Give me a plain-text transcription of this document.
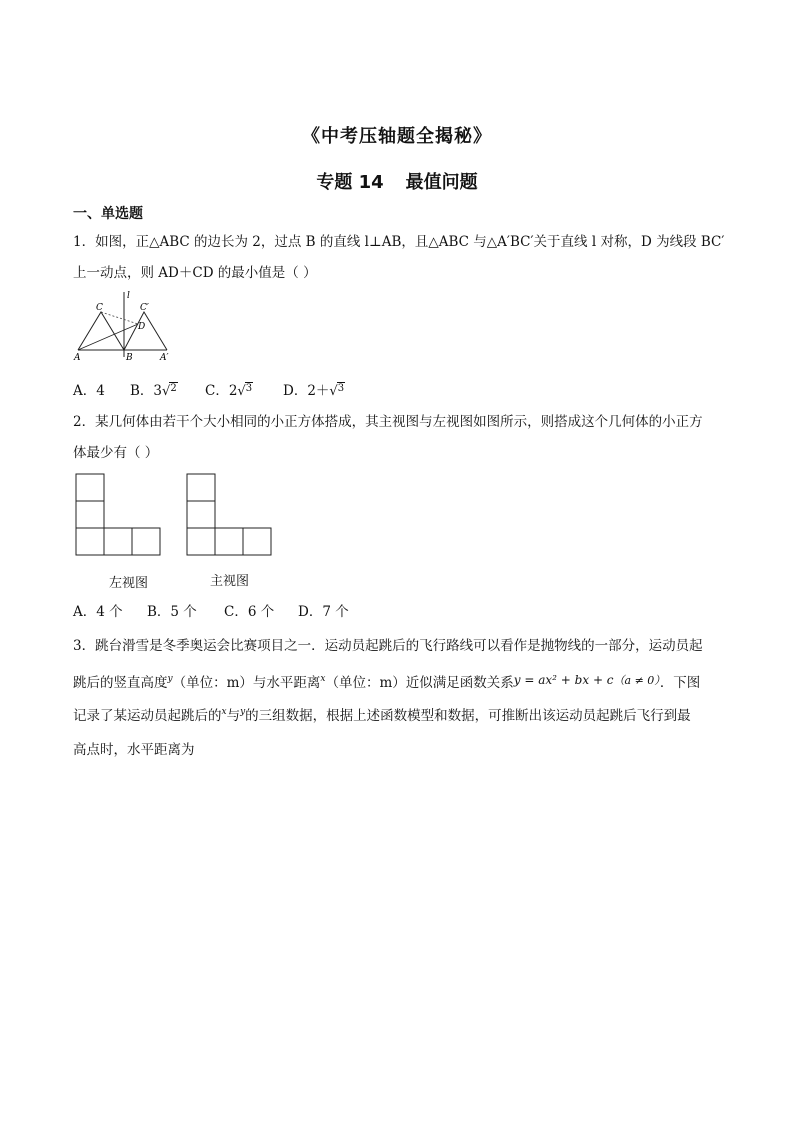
《中考压轴题全揭秘》
专题 14 最值问题
一、单选题
1．如图，正△ABC 的边长为 2，过点 B 的直线 l⊥AB，且△ABC 与△A′BC′关于直线 l 对称，D 为线段 BC′
上一动点，则 AD＋CD 的最小值是（ ）
C	C′
l
D
A	B	A′
A．4 B．3√2 C．2√3 D．2＋√3
2．某几何体由若干个大小相同的小正方体搭成，其主视图与左视图如图所示，则搭成这个几何体的小正方
体最少有（ ）
左视图	主视图
A．4 个 B．5 个 C．6 个 D．7 个
3．跳台滑雪是冬季奥运会比赛项目之一．运动员起跳后的飞行路线可以看作是抛物线的一部分，运动员起
跳后的竖直高度$^y$（单位：m）与水平距离$^x$（单位：m）近似满足函数关系y = ax² + bx + $c^{(a \ne 0)}$．下图
记录了某运动员起跳后的$^x$与$^y$的三组数据，根据上述函数模型和数据，可推断出该运动员起跳后飞行到最
高点时，水平距离为
